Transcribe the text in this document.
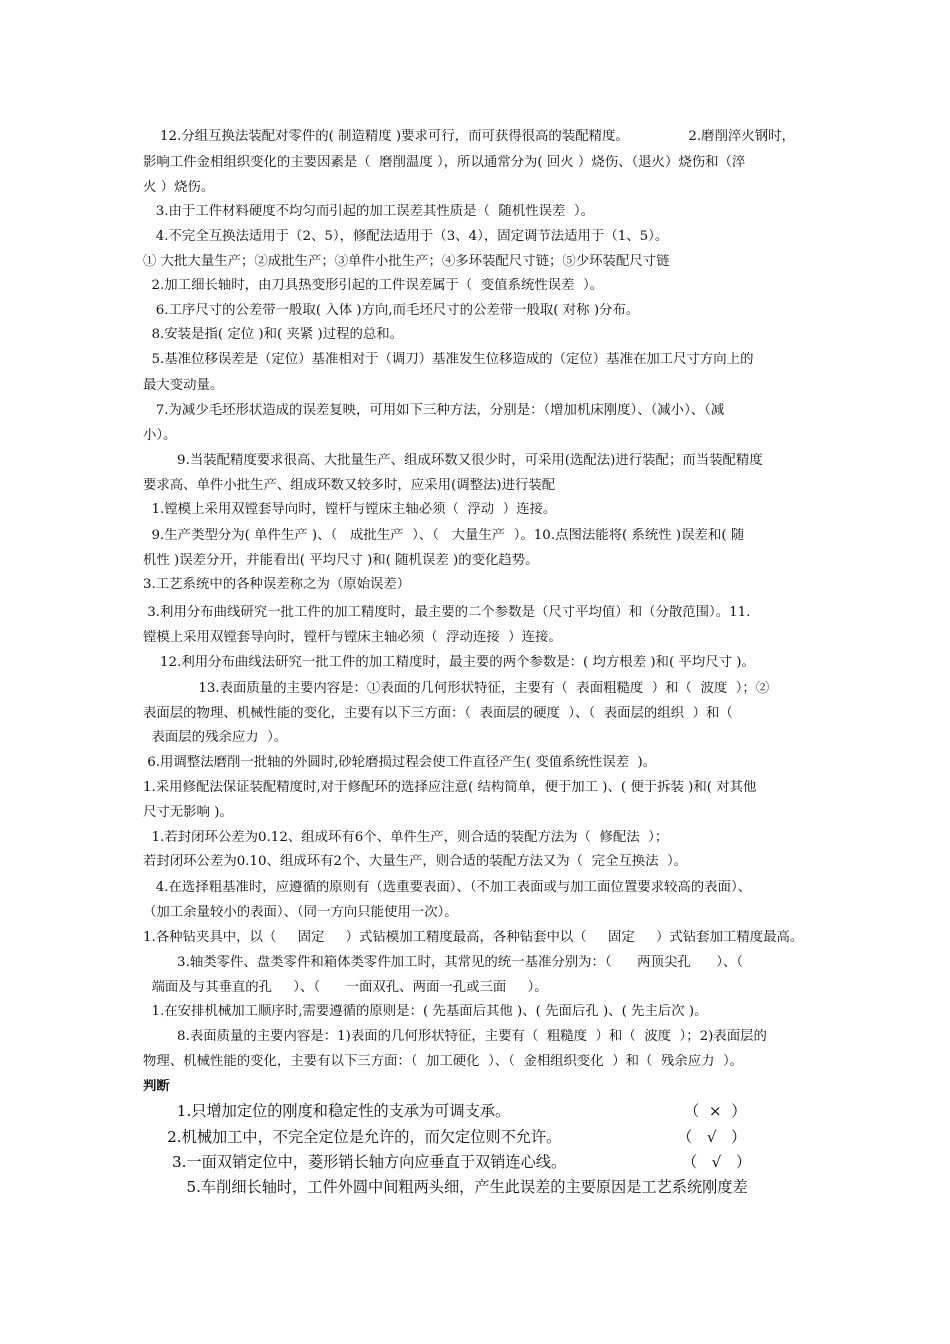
12.分组互换法装配对零件的( 制造精度 )要求可行，而可获得很高的装配精度。              2.磨削淬火钢时，
影响工件金相组织变化的主要因素是（  磨削温度 ），所以通常分为( 回火 ）烧伤、（退火）烧伤和（淬
火 ）烧伤。
3.由于工件材料硬度不均匀而引起的加工误差其性质是（  随机性误差  ）。
4.不完全互换法适用于（2、5），修配法适用于（3、4），固定调节法适用于（1、5）。
① 大批大量生产；②成批生产；③单件小批生产；④多环装配尺寸链；⑤少环装配尺寸链
2.加工细长轴时，由刀具热变形引起的工件误差属于（  变值系统性误差  ）。
6.工序尺寸的公差带一般取( 入体 )方向,而毛坯尺寸的公差带一般取( 对称 )分布。
8.安装是指( 定位 )和( 夹紧 )过程的总和。
5.基准位移误差是（定位）基准相对于（调刀）基准发生位移造成的（定位）基准在加工尺寸方向上的
最大变动量。
7.为减少毛坯形状造成的误差复映，可用如下三种方法，分别是：（增加机床刚度）、（减小）、（减
小）。
9.当装配精度要求很高、大批量生产、组成环数又很少时，可采用(选配法)进行装配；而当装配精度
要求高、单件小批生产、组成环数又较多时，应采用(调整法)进行装配
1.镗模上采用双镗套导向时，镗杆与镗床主轴必须（  浮动  ）连接。
9.生产类型分为( 单件生产 )、（   成批生产  ）、（   大量生产  ）。10.点图法能将( 系统性 )误差和( 随
机性 )误差分开，并能看出( 平均尺寸 )和( 随机误差 )的变化趋势。
3.工艺系统中的各种误差称之为（原始误差）
3.利用分布曲线研究一批工件的加工精度时，最主要的二个参数是（尺寸平均值）和（分散范围）。11.
镗模上采用双镗套导向时，镗杆与镗床主轴必须（  浮动连接  ）连接。
12.利用分布曲线法研究一批工件的加工精度时，最主要的两个参数是：( 均方根差 )和( 平均尺寸 )。
13.表面质量的主要内容是：①表面的几何形状特征，主要有（  表面粗糙度  ）和（  波度  ）；②
表面层的物理、机械性能的变化，主要有以下三方面：（  表面层的硬度  ）、（  表面层的组织  ）和（
表面层的残余应力  ）。
6.用调整法磨削一批轴的外圆时,砂轮磨损过程会使工件直径产生( 变值系统性误差  )。
1.采用修配法保证装配精度时,对于修配环的选择应注意( 结构简单，便于加工 )、( 便于拆装 )和( 对其他
尺寸无影响 )。
1.若封闭环公差为0.12、组成环有6个、单件生产，则合适的装配方法为（  修配法  ）；
若封闭环公差为0.10、组成环有2个、大量生产，则合适的装配方法又为（  完全互换法  ）。
4.在选择粗基准时，应遵循的原则有（选重要表面）、（不加工表面或与加工面位置要求较高的表面）、
（加工余量较小的表面）、（同一方向只能使用一次）。
1.各种钻夹具中，以（     固定     ）式钻模加工精度最高，各种钻套中以（     固定     ）式钻套加工精度最高。
3.轴类零件、盘类零件和箱体类零件加工时，其常见的统一基准分别为：（      两顶尖孔      ）、（
端面及与其垂直的孔     ）、（      一面双孔、两面一孔或三面     ）。
1.在安排机械加工顺序时,需要遵循的原则是：( 先基面后其他 )、( 先面后孔 )、( 先主后次 )。
8.表面质量的主要内容是：1)表面的几何形状特征，主要有（  粗糙度  ）和（  波度  ）；2)表面层的
物理、机械性能的变化，主要有以下三方面：（  加工硬化  ）、（  金相组织变化  ）和（  残余应力  ）。
判断
1.只增加定位的刚度和稳定性的支承为可调支承。                                    （  ×  ）
2.机械加工中，不完全定位是允许的，而欠定位则不允许。                        （   √   ）
3.一面双销定位中，菱形销长轴方向应垂直于双销连心线。                        （   √   ）
5.车削细长轴时，工件外圆中间粗两头细，产生此误差的主要原因是工艺系统刚度差
